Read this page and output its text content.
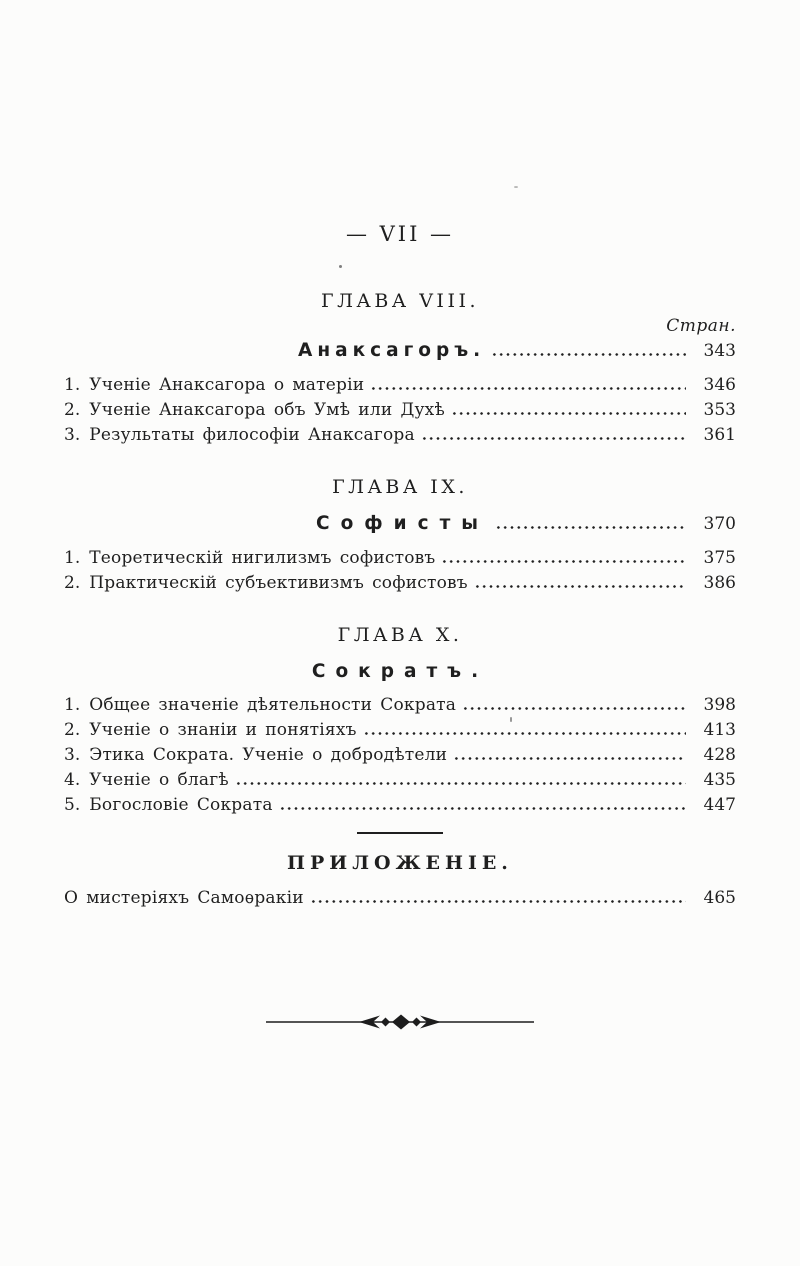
— VII —
ГЛАВА VIII.
Стран.
Анаксагоръ.	343
1. Ученіе Анаксагора о матеріи	346
2. Ученіе Анаксагора объ Умѣ или Духѣ	353
3. Результаты философіи Анаксагора	361
ГЛАВА IX.
Софисты	370
1. Теоретическій нигилизмъ софистовъ	375
2. Практическій субъективизмъ софистовъ	386
ГЛАВА X.
Сократъ.
1. Общее значеніе дѣятельности Сократа	398
2. Ученіе о знаніи и понятіяхъ	413
3. Этика Сократа. Ученіе о добродѣтели	428
4. Ученіе о благѣ	435
5. Богословіе Сократа	447
ПРИЛОЖЕНІЕ.
О мистеріяхъ Самоѳракіи	465
